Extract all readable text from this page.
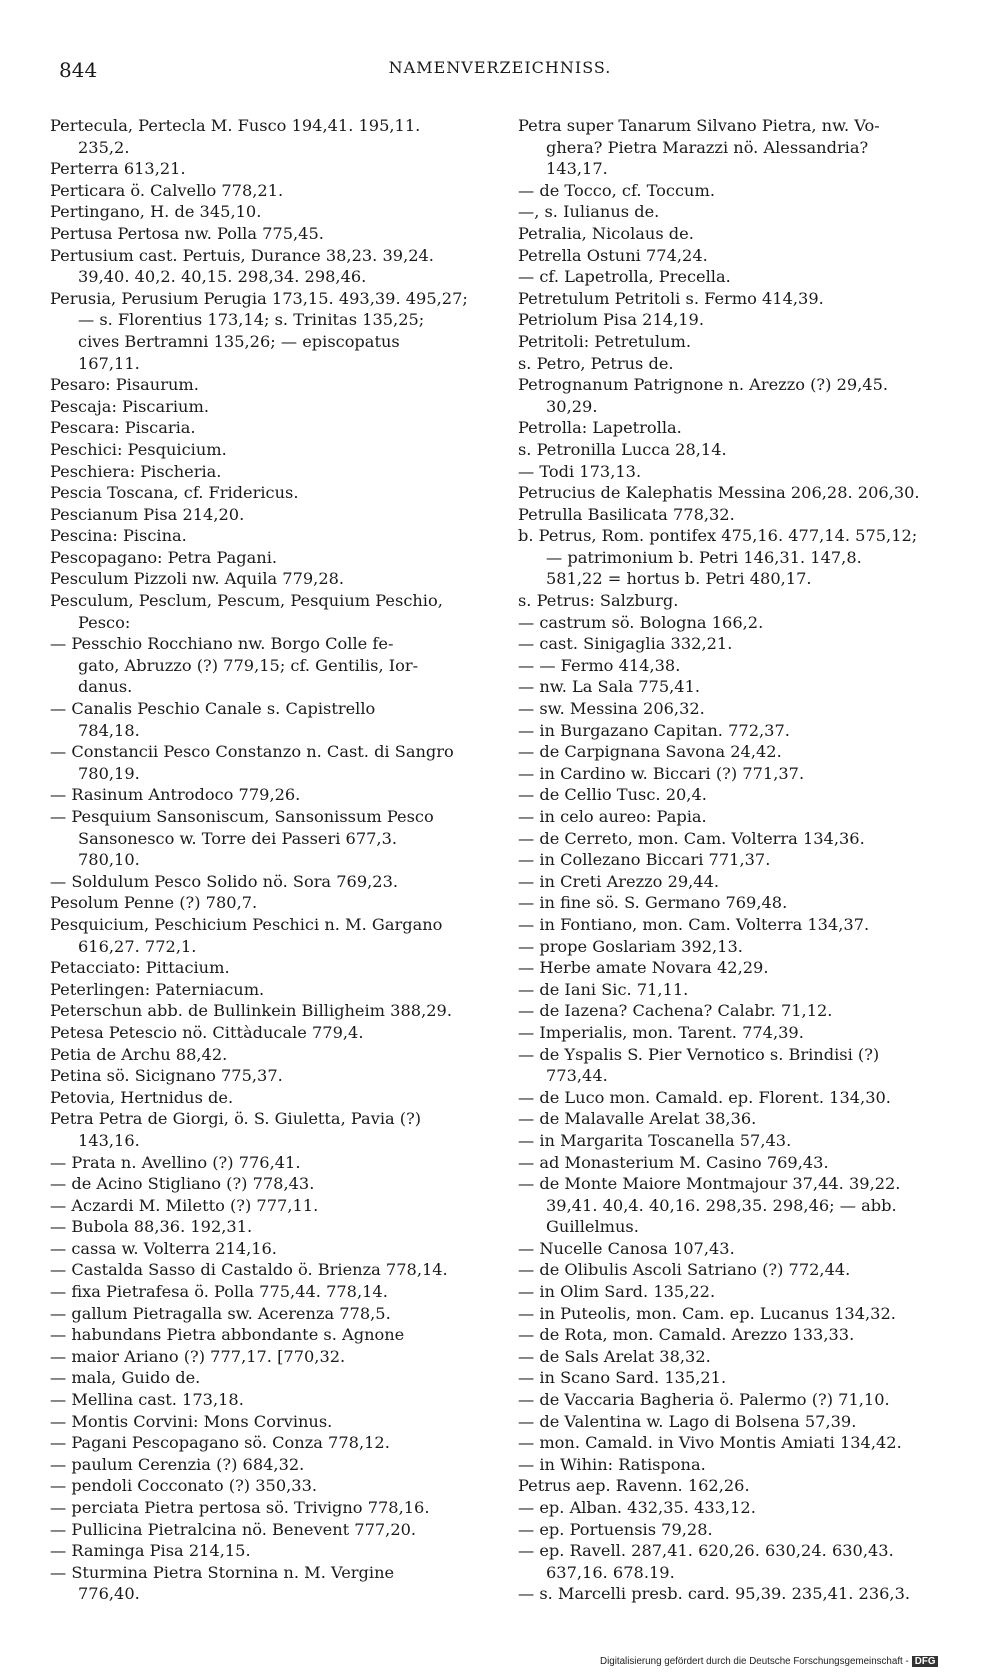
844	NAMENVERZEICHNISS.
Pertecula, Pertecla M. Fusco 194,41. 195,11.
235,2.
Perterra 613,21.
Perticara ö. Calvello 778,21.
Pertingano, H. de 345,10.
Pertusa Pertosa nw. Polla 775,45.
Pertusium cast. Pertuis, Durance 38,23. 39,24.
39,40. 40,2. 40,15. 298,34. 298,46.
Perusia, Perusium Perugia 173,15. 493,39. 495,27;
— s. Florentius 173,14; s. Trinitas 135,25;
cives Bertramni 135,26; — episcopatus
167,11.
Pesaro: Pisaurum.
Pescaja: Piscarium.
Pescara: Piscaria.
Peschici: Pesquicium.
Peschiera: Pischeria.
Pescia Toscana, cf. Fridericus.
Pescianum Pisa 214,20.
Pescina: Piscina.
Pescopagano: Petra Pagani.
Pesculum Pizzoli nw. Aquila 779,28.
Pesculum, Pesclum, Pescum, Pesquium Peschio,
Pesco:
— Pesschio Rocchiano nw. Borgo Colle fe-
gato, Abruzzo (?) 779,15; cf. Gentilis, Ior-
danus.
— Canalis Peschio Canale s. Capistrello
784,18.
— Constancii Pesco Constanzo n. Cast. di Sangro
780,19.
— Rasinum Antrodoco 779,26.
— Pesquium Sansoniscum, Sansonissum Pesco
Sansonesco w. Torre dei Passeri 677,3.
780,10.
— Soldulum Pesco Solido nö. Sora 769,23.
Pesolum Penne (?) 780,7.
Pesquicium, Peschicium Peschici n. M. Gargano
616,27. 772,1.
Petacciato: Pittacium.
Peterlingen: Paterniacum.
Peterschun abb. de Bullinkein Billigheim 388,29.
Petesa Petescio nö. Cittàducale 779,4.
Petia de Archu 88,42.
Petina sö. Sicignano 775,37.
Petovia, Hertnidus de.
Petra Petra de Giorgi, ö. S. Giuletta, Pavia (?)
143,16.
— Prata n. Avellino (?) 776,41.
— de Acino Stigliano (?) 778,43.
— Aczardi M. Miletto (?) 777,11.
— Bubola 88,36. 192,31.
— cassa w. Volterra 214,16.
— Castalda Sasso di Castaldo ö. Brienza 778,14.
— fixa Pietrafesa ö. Polla 775,44. 778,14.
— gallum Pietragalla sw. Acerenza 778,5.
— habundans Pietra abbondante s. Agnone
— maior Ariano (?) 777,17. [770,32.
— mala, Guido de.
— Mellina cast. 173,18.
— Montis Corvini: Mons Corvinus.
— Pagani Pescopagano sö. Conza 778,12.
— paulum Cerenzia (?) 684,32.
— pendoli Cocconato (?) 350,33.
— perciata Pietra pertosa sö. Trivigno 778,16.
— Pullicina Pietralcina nö. Benevent 777,20.
— Raminga Pisa 214,15.
— Sturmina Pietra Stornina n. M. Vergine
776,40.
Petra super Tanarum Silvano Pietra, nw. Vo-
ghera? Pietra Marazzi nö. Alessandria?
143,17.
— de Tocco, cf. Toccum.
—, s. Iulianus de.
Petralia, Nicolaus de.
Petrella Ostuni 774,24.
— cf. Lapetrolla, Precella.
Petretulum Petritoli s. Fermo 414,39.
Petriolum Pisa 214,19.
Petritoli: Petretulum.
s. Petro, Petrus de.
Petrognanum Patrignone n. Arezzo (?) 29,45.
30,29.
Petrolla: Lapetrolla.
s. Petronilla Lucca 28,14.
— Todi 173,13.
Petrucius de Kalephatis Messina 206,28. 206,30.
Petrulla Basilicata 778,32.
b. Petrus, Rom. pontifex 475,16. 477,14. 575,12;
— patrimonium b. Petri 146,31. 147,8.
581,22 = hortus b. Petri 480,17.
s. Petrus: Salzburg.
— castrum sö. Bologna 166,2.
— cast. Sinigaglia 332,21.
— — Fermo 414,38.
— nw. La Sala 775,41.
— sw. Messina 206,32.
— in Burgazano Capitan. 772,37.
— de Carpignana Savona 24,42.
— in Cardino w. Biccari (?) 771,37.
— de Cellio Tusc. 20,4.
— in celo aureo: Papia.
— de Cerreto, mon. Cam. Volterra 134,36.
— in Collezano Biccari 771,37.
— in Creti Arezzo 29,44.
— in fine sö. S. Germano 769,48.
— in Fontiano, mon. Cam. Volterra 134,37.
— prope Goslariam 392,13.
— Herbe amate Novara 42,29.
— de Iani Sic. 71,11.
— de Iazena? Cachena? Calabr. 71,12.
— Imperialis, mon. Tarent. 774,39.
— de Yspalis S. Pier Vernotico s. Brindisi (?)
773,44.
— de Luco mon. Camald. ep. Florent. 134,30.
— de Malavalle Arelat 38,36.
— in Margarita Toscanella 57,43.
— ad Monasterium M. Casino 769,43.
— de Monte Maiore Montmajour 37,44. 39,22.
39,41. 40,4. 40,16. 298,35. 298,46; — abb.
Guillelmus.
— Nucelle Canosa 107,43.
— de Olibulis Ascoli Satriano (?) 772,44.
— in Olim Sard. 135,22.
— in Puteolis, mon. Cam. ep. Lucanus 134,32.
— de Rota, mon. Camald. Arezzo 133,33.
— de Sals Arelat 38,32.
— in Scano Sard. 135,21.
— de Vaccaria Bagheria ö. Palermo (?) 71,10.
— de Valentina w. Lago di Bolsena 57,39.
— mon. Camald. in Vivo Montis Amiati 134,42.
— in Wihin: Ratispona.
Petrus aep. Ravenn. 162,26.
— ep. Alban. 432,35. 433,12.
— ep. Portuensis 79,28.
— ep. Ravell. 287,41. 620,26. 630,24. 630,43.
637,16. 678.19.
— s. Marcelli presb. card. 95,39. 235,41. 236,3.
Digitalisierung gefördert durch die Deutsche Forschungsgemeinschaft - DFG
